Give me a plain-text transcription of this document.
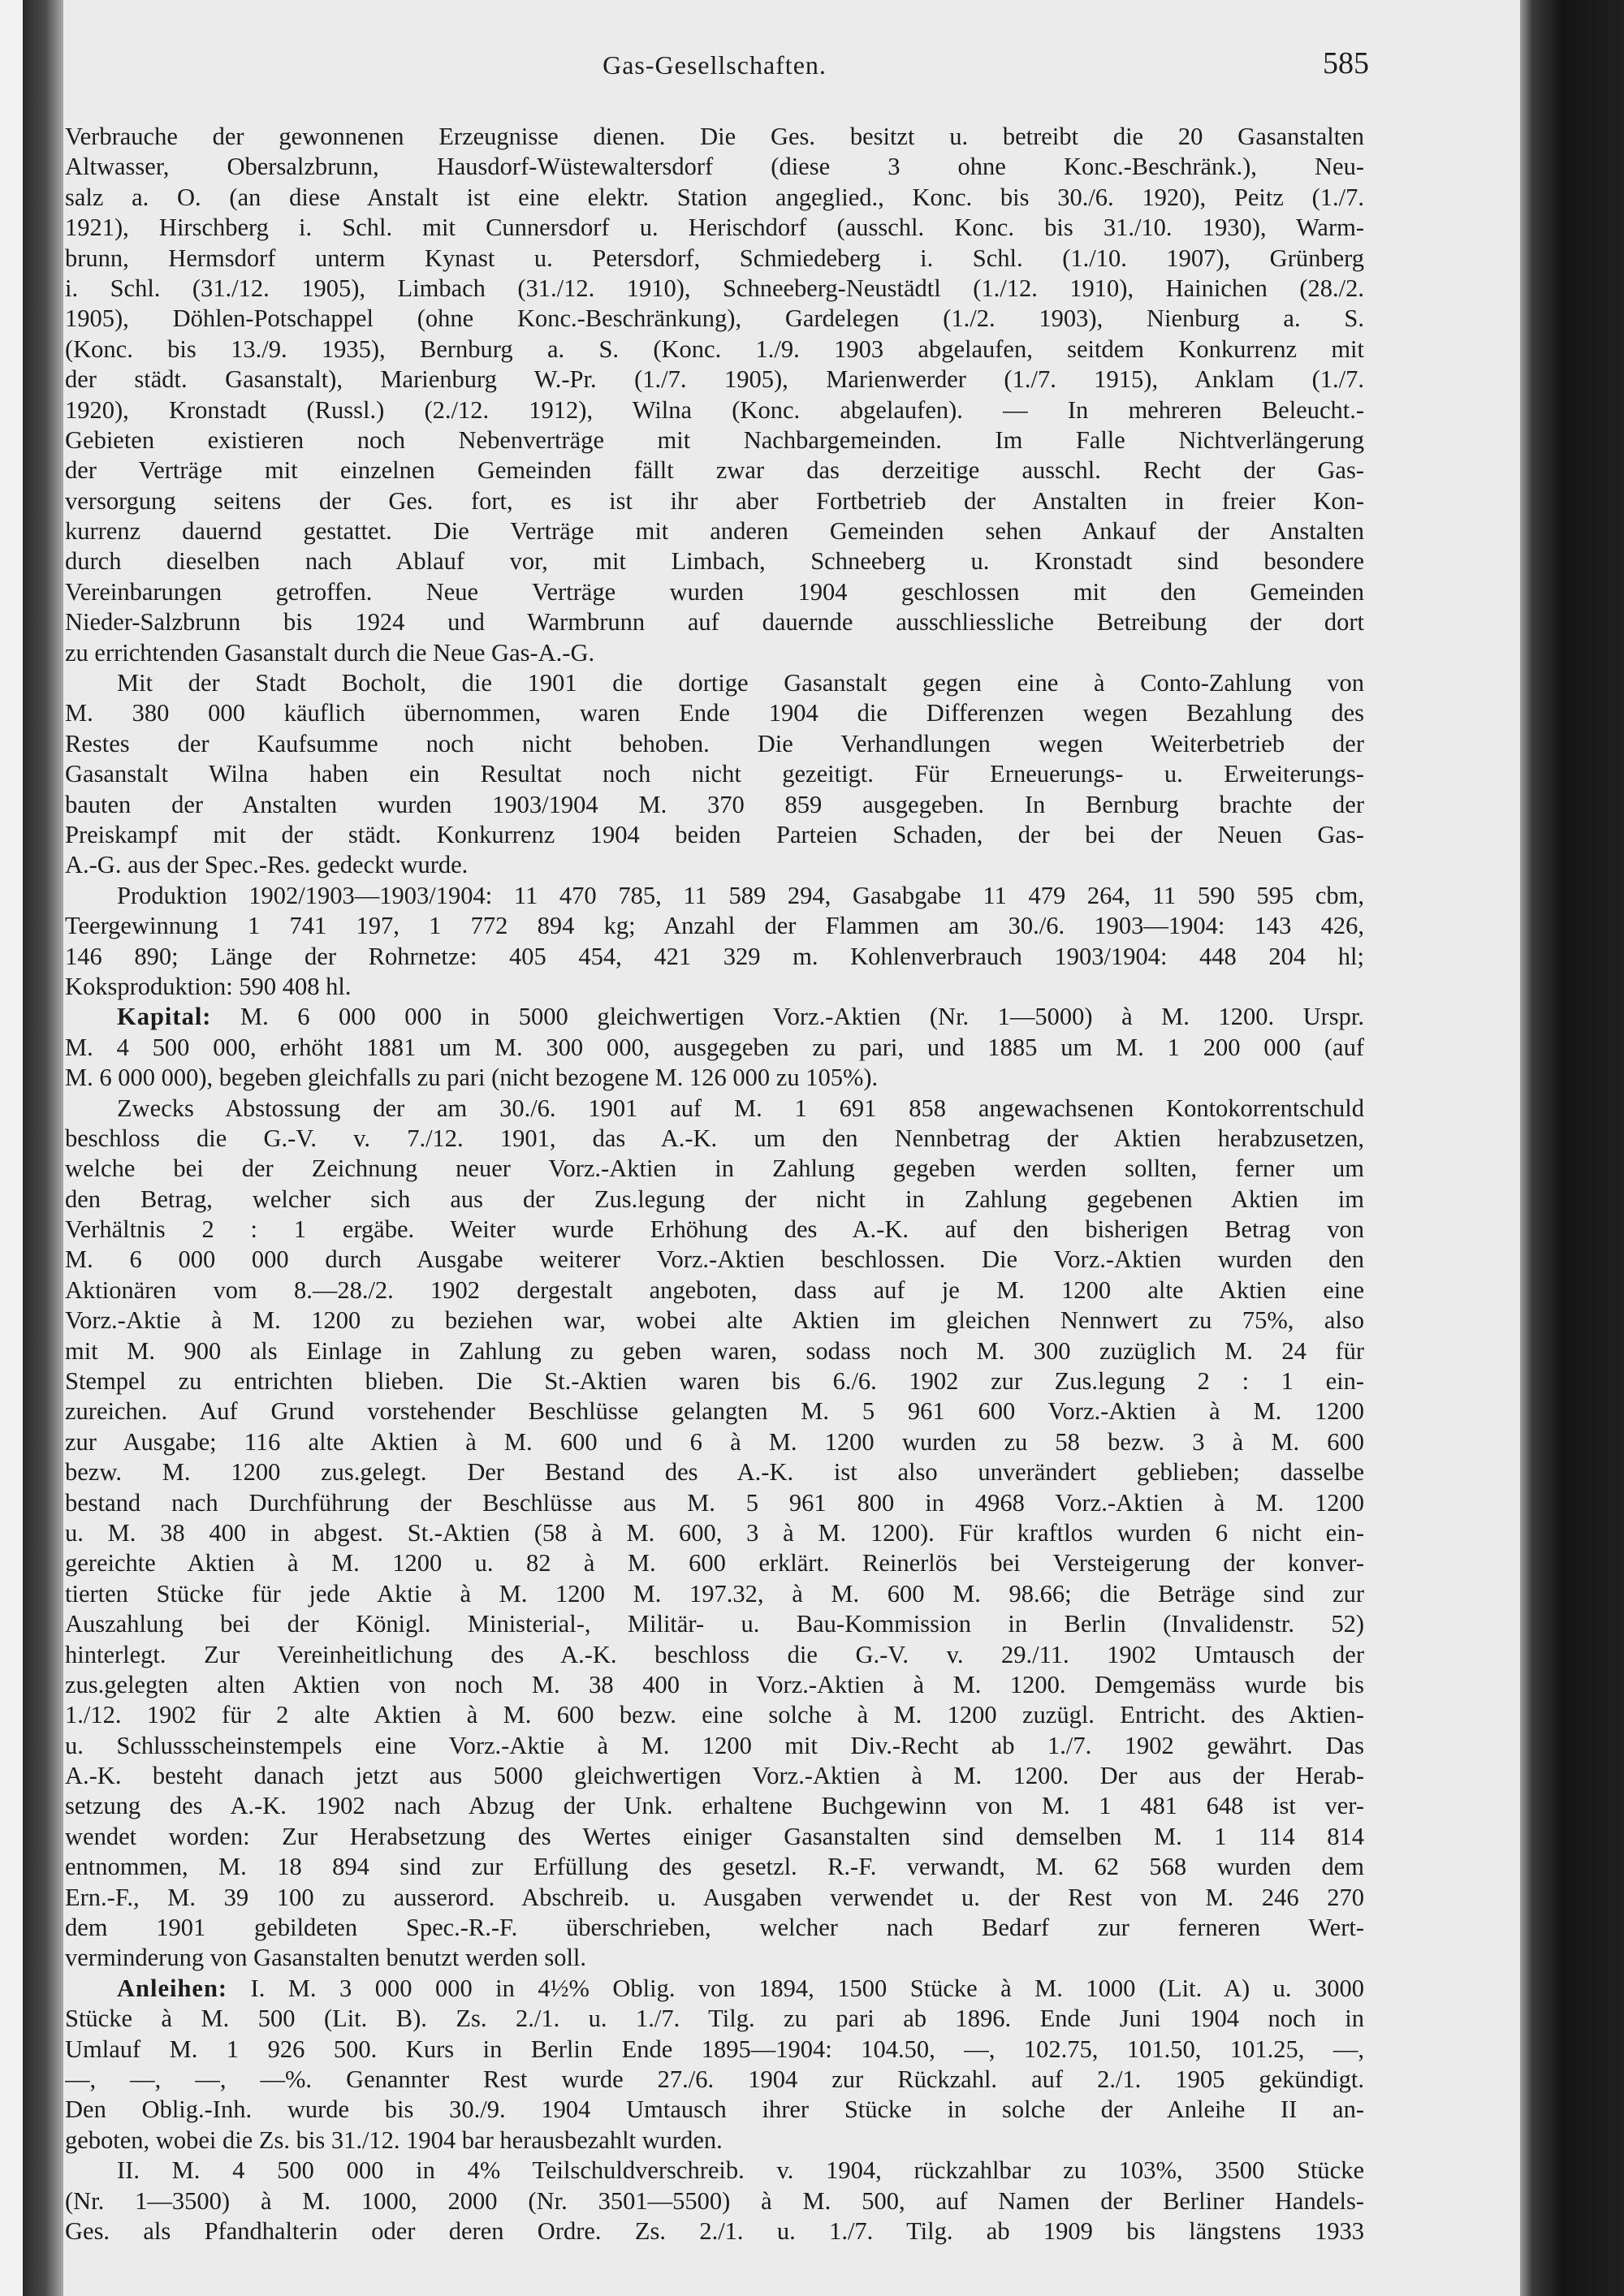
Gas-Gesellschaften.	585
Verbrauche der gewonnenen Erzeugnisse dienen. Die Ges. besitzt u. betreibt die 20 Gasanstalten
Altwasser, Obersalzbrunn, Hausdorf-Wüstewaltersdorf (diese 3 ohne Konc.-Beschränk.), Neu-
salz a. O. (an diese Anstalt ist eine elektr. Station angeglied., Konc. bis 30./6. 1920), Peitz (1./7.
1921), Hirschberg i. Schl. mit Cunnersdorf u. Herischdorf (ausschl. Konc. bis 31./10. 1930), Warm-
brunn, Hermsdorf unterm Kynast u. Petersdorf, Schmiedeberg i. Schl. (1./10. 1907), Grünberg
i. Schl. (31./12. 1905), Limbach (31./12. 1910), Schneeberg-Neustädtl (1./12. 1910), Hainichen (28./2.
1905), Döhlen-Potschappel (ohne Konc.-Beschränkung), Gardelegen (1./2. 1903), Nienburg a. S.
(Konc. bis 13./9. 1935), Bernburg a. S. (Konc. 1./9. 1903 abgelaufen, seitdem Konkurrenz mit
der städt. Gasanstalt), Marienburg W.-Pr. (1./7. 1905), Marienwerder (1./7. 1915), Anklam (1./7.
1920), Kronstadt (Russl.) (2./12. 1912), Wilna (Konc. abgelaufen). — In mehreren Beleucht.-
Gebieten existieren noch Nebenverträge mit Nachbargemeinden. Im Falle Nichtverlängerung
der Verträge mit einzelnen Gemeinden fällt zwar das derzeitige ausschl. Recht der Gas-
versorgung seitens der Ges. fort, es ist ihr aber Fortbetrieb der Anstalten in freier Kon-
kurrenz dauernd gestattet. Die Verträge mit anderen Gemeinden sehen Ankauf der Anstalten
durch dieselben nach Ablauf vor, mit Limbach, Schneeberg u. Kronstadt sind besondere
Vereinbarungen getroffen. Neue Verträge wurden 1904 geschlossen mit den Gemeinden
Nieder-Salzbrunn bis 1924 und Warmbrunn auf dauernde ausschliessliche Betreibung der dort
zu errichtenden Gasanstalt durch die Neue Gas-A.-G.
Mit der Stadt Bocholt, die 1901 die dortige Gasanstalt gegen eine à Conto-Zahlung von
M. 380 000 käuflich übernommen, waren Ende 1904 die Differenzen wegen Bezahlung des
Restes der Kaufsumme noch nicht behoben. Die Verhandlungen wegen Weiterbetrieb der
Gasanstalt Wilna haben ein Resultat noch nicht gezeitigt. Für Erneuerungs- u. Erweiterungs-
bauten der Anstalten wurden 1903/1904 M. 370 859 ausgegeben. In Bernburg brachte der
Preiskampf mit der städt. Konkurrenz 1904 beiden Parteien Schaden, der bei der Neuen Gas-
A.-G. aus der Spec.-Res. gedeckt wurde.
Produktion 1902/1903—1903/1904: 11 470 785, 11 589 294, Gasabgabe 11 479 264, 11 590 595 cbm,
Teergewinnung 1 741 197, 1 772 894 kg; Anzahl der Flammen am 30./6. 1903—1904: 143 426,
146 890; Länge der Rohrnetze: 405 454, 421 329 m. Kohlenverbrauch 1903/1904: 448 204 hl;
Koksproduktion: 590 408 hl.
Kapital: M. 6 000 000 in 5000 gleichwertigen Vorz.-Aktien (Nr. 1—5000) à M. 1200. Urspr.
M. 4 500 000, erhöht 1881 um M. 300 000, ausgegeben zu pari, und 1885 um M. 1 200 000 (auf
M. 6 000 000), begeben gleichfalls zu pari (nicht bezogene M. 126 000 zu 105%).
Zwecks Abstossung der am 30./6. 1901 auf M. 1 691 858 angewachsenen Kontokorrentschuld
beschloss die G.-V. v. 7./12. 1901, das A.-K. um den Nennbetrag der Aktien herabzusetzen,
welche bei der Zeichnung neuer Vorz.-Aktien in Zahlung gegeben werden sollten, ferner um
den Betrag, welcher sich aus der Zus.legung der nicht in Zahlung gegebenen Aktien im
Verhältnis 2 : 1 ergäbe. Weiter wurde Erhöhung des A.-K. auf den bisherigen Betrag von
M. 6 000 000 durch Ausgabe weiterer Vorz.-Aktien beschlossen. Die Vorz.-Aktien wurden den
Aktionären vom 8.—28./2. 1902 dergestalt angeboten, dass auf je M. 1200 alte Aktien eine
Vorz.-Aktie à M. 1200 zu beziehen war, wobei alte Aktien im gleichen Nennwert zu 75%, also
mit M. 900 als Einlage in Zahlung zu geben waren, sodass noch M. 300 zuzüglich M. 24 für
Stempel zu entrichten blieben. Die St.-Aktien waren bis 6./6. 1902 zur Zus.legung 2 : 1 ein-
zureichen. Auf Grund vorstehender Beschlüsse gelangten M. 5 961 600 Vorz.-Aktien à M. 1200
zur Ausgabe; 116 alte Aktien à M. 600 und 6 à M. 1200 wurden zu 58 bezw. 3 à M. 600
bezw. M. 1200 zus.gelegt. Der Bestand des A.-K. ist also unverändert geblieben; dasselbe
bestand nach Durchführung der Beschlüsse aus M. 5 961 800 in 4968 Vorz.-Aktien à M. 1200
u. M. 38 400 in abgest. St.-Aktien (58 à M. 600, 3 à M. 1200). Für kraftlos wurden 6 nicht ein-
gereichte Aktien à M. 1200 u. 82 à M. 600 erklärt. Reinerlös bei Versteigerung der konver-
tierten Stücke für jede Aktie à M. 1200 M. 197.32, à M. 600 M. 98.66; die Beträge sind zur
Auszahlung bei der Königl. Ministerial-, Militär- u. Bau-Kommission in Berlin (Invalidenstr. 52)
hinterlegt. Zur Vereinheitlichung des A.-K. beschloss die G.-V. v. 29./11. 1902 Umtausch der
zus.gelegten alten Aktien von noch M. 38 400 in Vorz.-Aktien à M. 1200. Demgemäss wurde bis
1./12. 1902 für 2 alte Aktien à M. 600 bezw. eine solche à M. 1200 zuzügl. Entricht. des Aktien-
u. Schlussscheinstempels eine Vorz.-Aktie à M. 1200 mit Div.-Recht ab 1./7. 1902 gewährt. Das
A.-K. besteht danach jetzt aus 5000 gleichwertigen Vorz.-Aktien à M. 1200. Der aus der Herab-
setzung des A.-K. 1902 nach Abzug der Unk. erhaltene Buchgewinn von M. 1 481 648 ist ver-
wendet worden: Zur Herabsetzung des Wertes einiger Gasanstalten sind demselben M. 1 114 814
entnommen, M. 18 894 sind zur Erfüllung des gesetzl. R.-F. verwandt, M. 62 568 wurden dem
Ern.-F., M. 39 100 zu ausserord. Abschreib. u. Ausgaben verwendet u. der Rest von M. 246 270
dem 1901 gebildeten Spec.-R.-F. überschrieben, welcher nach Bedarf zur ferneren Wert-
verminderung von Gasanstalten benutzt werden soll.
Anleihen: I. M. 3 000 000 in 4½% Oblig. von 1894, 1500 Stücke à M. 1000 (Lit. A) u. 3000
Stücke à M. 500 (Lit. B). Zs. 2./1. u. 1./7. Tilg. zu pari ab 1896. Ende Juni 1904 noch in
Umlauf M. 1 926 500. Kurs in Berlin Ende 1895—1904: 104.50, —, 102.75, 101.50, 101.25, —,
—, —, —, —%. Genannter Rest wurde 27./6. 1904 zur Rückzahl. auf 2./1. 1905 gekündigt.
Den Oblig.-Inh. wurde bis 30./9. 1904 Umtausch ihrer Stücke in solche der Anleihe II an-
geboten, wobei die Zs. bis 31./12. 1904 bar herausbezahlt wurden.
II. M. 4 500 000 in 4% Teilschuldverschreib. v. 1904, rückzahlbar zu 103%, 3500 Stücke
(Nr. 1—3500) à M. 1000, 2000 (Nr. 3501—5500) à M. 500, auf Namen der Berliner Handels-
Ges. als Pfandhalterin oder deren Ordre. Zs. 2./1. u. 1./7. Tilg. ab 1909 bis längstens 1933
